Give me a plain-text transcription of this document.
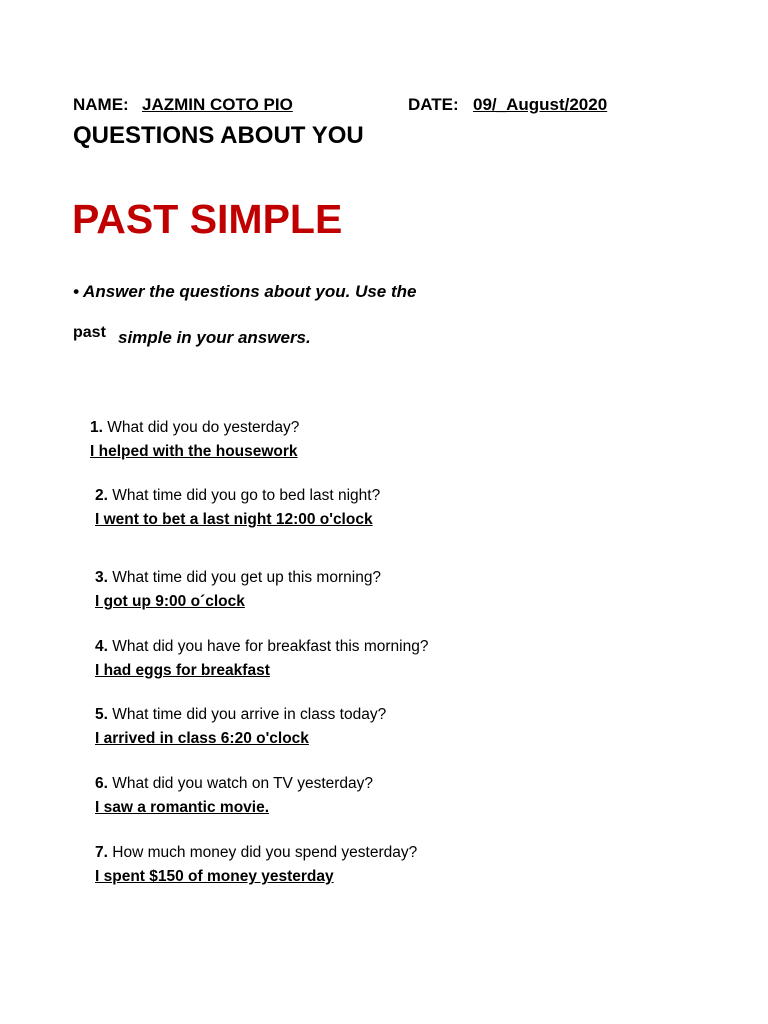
NAME: JAZMIN COTO PIO	DATE: 09/_August/2020
QUESTIONS ABOUT YOU
PAST SIMPLE
• Answer the questions about you. Use the
past simple in your answers.
1. What did you do yesterday?
I helped with the housework
2. What time did you go to bed last night?
I went to bet a last night 12:00 o'clock
3. What time did you get up this morning?
I got up 9:00 o´clock
4. What did you have for breakfast this morning?
I had eggs for breakfast
5. What time did you arrive in class today?
I arrived in class 6:20 o'clock
6. What did you watch on TV yesterday?
I saw a romantic movie.
7. How much money did you spend yesterday?
I spent $150 of money yesterday
